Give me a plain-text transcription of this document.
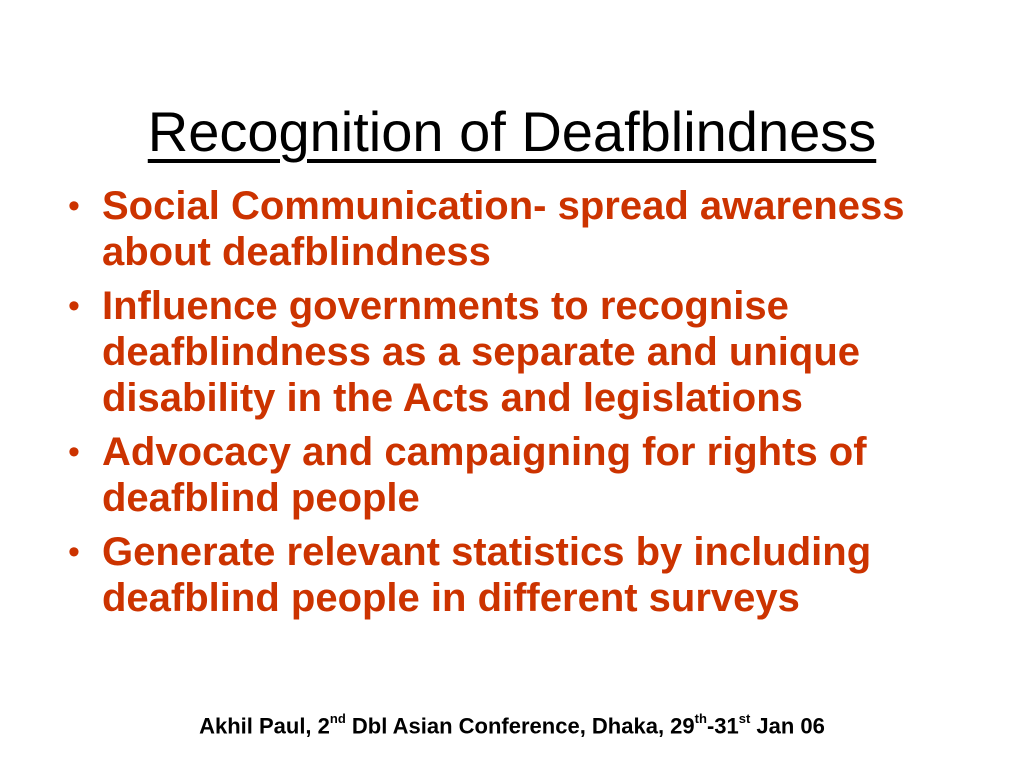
Recognition of Deafblindness
• Social Communication- spread awareness about deafblindness
• Influence governments to recognise deafblindness as a separate and unique disability in the Acts and legislations
• Advocacy and campaigning for rights of deafblind people
• Generate relevant statistics by including deafblind people in different surveys
Akhil Paul, 2nd Dbl Asian Conference, Dhaka, 29th-31st Jan 06
